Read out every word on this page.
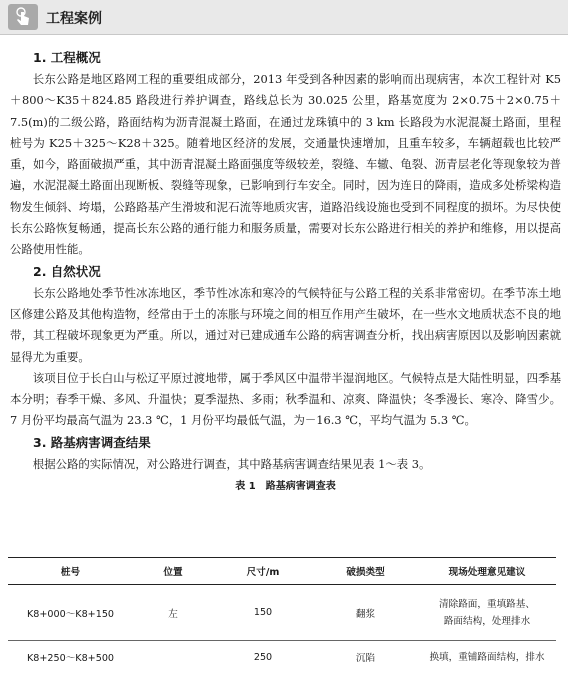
工程案例
1. 工程概况

长东公路是地区路网工程的重要组成部分，2013 年受到各种因素的影响而出现病害，本次工程针对 K5＋800～K35＋824.85 路段进行养护调查，路线总长为 30.025 公里，路基宽度为 2×0.75＋2×0.75＋7.5(m)的二级公路，路面结构为沥青混凝土路面，在通过龙珠镇中的 3 km 长路段为水泥混凝土路面，里程桩号为 K25＋325～K28＋325。随着地区经济的发展，交通量快速增加，且重车较多，车辆超载也比较严重，如今，路面破损严重，其中沥青混凝土路面强度等级较差，裂缝、车辙、龟裂、沥青层老化等现象较为普遍，水泥混凝土路面出现断板、裂缝等现象，已影响到行车安全。同时，因为连日的降雨，造成多处桥梁构造物发生倾斜、垮塌，公路路基产生滑坡和泥石流等地质灾害，道路沿线设施也受到不同程度的损坏。为尽快使长东公路恢复畅通，提高长东公路的通行能力和服务质量，需要对长东公路进行相关的养护和维修，用以提高公路使用性能。

2. 自然状况

长东公路地处季节性冰冻地区，季节性冰冻和寒冷的气候特征与公路工程的关系非常密切。在季节冻土地区修建公路及其他构造物，经常由于土的冻胀与环境之间的相互作用产生破坏，在一些水文地质状态不良的地带，其工程破坏现象更为严重。所以，通过对已建成通车公路的病害调查分析，找出病害原因以及影响因素就显得尤为重要。

该项目位于长白山与松辽平原过渡地带，属于季风区中温带半湿润地区。气候特点是大陆性明显，四季基本分明；春季干燥、多风、升温快；夏季湿热、多雨；秋季温和、凉爽、降温快；冬季漫长、寒冷、降雪少。7 月份平均最高气温为 23.3 ℃，1 月份平均最低气温，为－16.3 ℃，平均气温为 5.3 ℃。

3. 路基病害调查结果

根据公路的实际情况，对公路进行调查，其中路基病害调查结果见表 1～表 3。

表 1　路基病害调查表
桩号	位置	尺寸/m	破损类型	现场处理意见建议
K8+000～K8+150	左	150	翻浆	清除路面，重填路基、
路面结构，处理排水

K8+250～K8+500		250	沉陷	换填，重铺路面结构，排水
